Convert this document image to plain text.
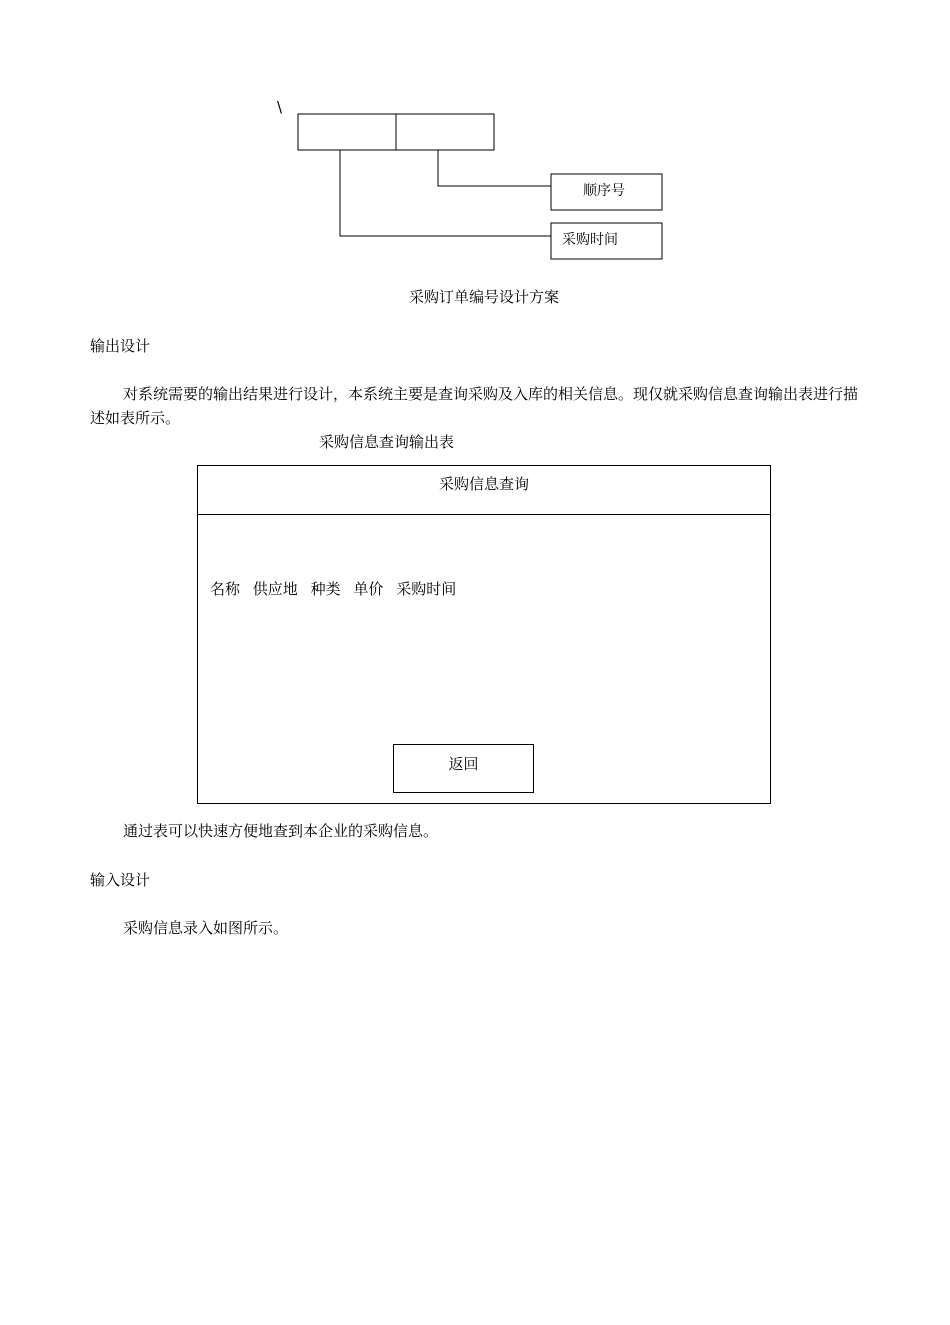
\
顺序号
采购时间
采购订单编号设计方案
输出设计
对系统需要的输出结果进行设计，本系统主要是查询采购及入库的相关信息。现仅就采购信息查询输出表进行描述如表所示。
采购信息查询输出表
采购信息查询
名称 供应地 种类 单价 采购时间
返回
通过表可以快速方便地查到本企业的采购信息。
输入设计
采购信息录入如图所示。
